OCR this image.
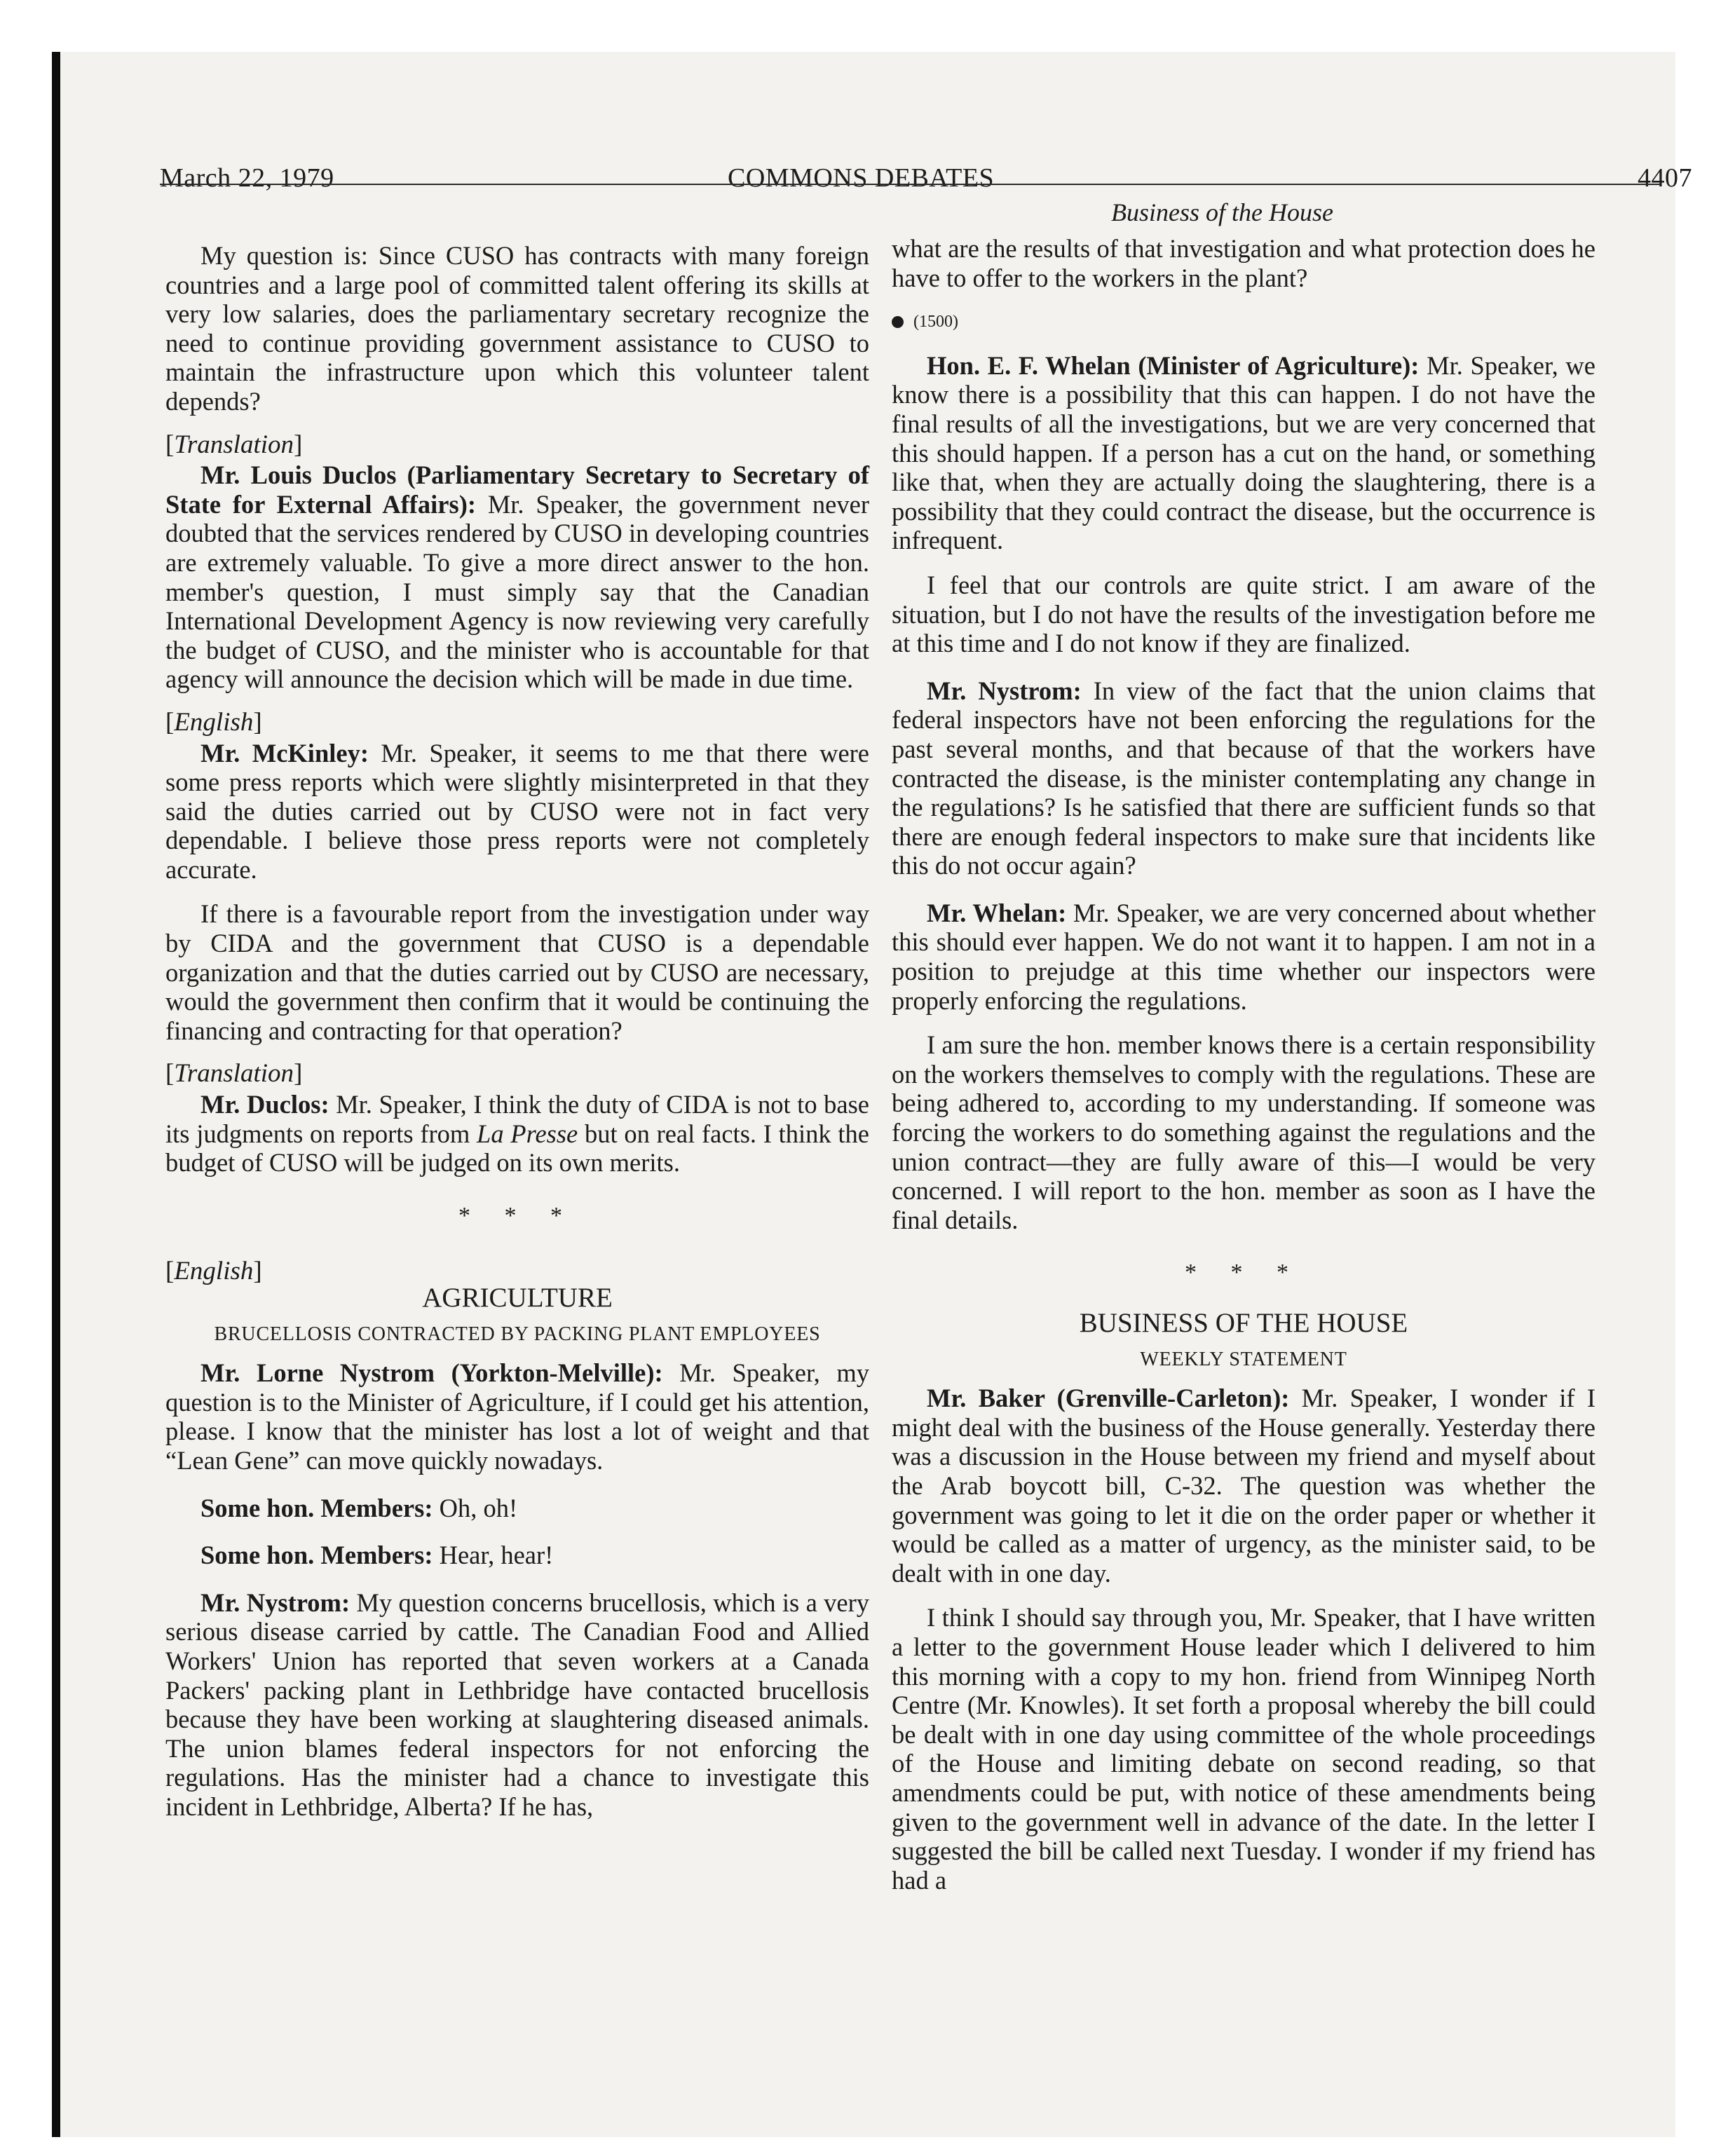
March 22, 1979	COMMONS DEBATES	4407
Business of the House

My question is: Since CUSO has contracts with many foreign countries and a large pool of committed talent offering its skills at very low salaries, does the parliamentary secretary recognize the need to continue providing government assistance to CUSO to maintain the infrastructure upon which this volunteer talent depends?

[Translation]

Mr. Louis Duclos (Parliamentary Secretary to Secretary of State for External Affairs): Mr. Speaker, the government never doubted that the services rendered by CUSO in developing countries are extremely valuable. To give a more direct answer to the hon. member's question, I must simply say that the Canadian International Development Agency is now reviewing very carefully the budget of CUSO, and the minister who is accountable for that agency will announce the decision which will be made in due time.

[English]

Mr. McKinley: Mr. Speaker, it seems to me that there were some press reports which were slightly misinterpreted in that they said the duties carried out by CUSO were not in fact very dependable. I believe those press reports were not completely accurate.

If there is a favourable report from the investigation under way by CIDA and the government that CUSO is a dependable organization and that the duties carried out by CUSO are necessary, would the government then confirm that it would be continuing the financing and contracting for that operation?

[Translation]

Mr. Duclos: Mr. Speaker, I think the duty of CIDA is not to base its judgments on reports from La Presse but on real facts. I think the budget of CUSO will be judged on its own merits.

* * *
[English]
AGRICULTURE
BRUCELLOSIS CONTRACTED BY PACKING PLANT EMPLOYEES

Mr. Lorne Nystrom (Yorkton-Melville): Mr. Speaker, my question is to the Minister of Agriculture, if I could get his attention, please. I know that the minister has lost a lot of weight and that “Lean Gene” can move quickly nowadays.

Some hon. Members: Oh, oh!

Some hon. Members: Hear, hear!

Mr. Nystrom: My question concerns brucellosis, which is a very serious disease carried by cattle. The Canadian Food and Allied Workers' Union has reported that seven workers at a Canada Packers' packing plant in Lethbridge have contacted brucellosis because they have been working at slaughtering diseased animals. The union blames federal inspectors for not enforcing the regulations. Has the minister had a chance to investigate this incident in Lethbridge, Alberta? If he has,

what are the results of that investigation and what protection does he have to offer to the workers in the plant?

(1500)

Hon. E. F. Whelan (Minister of Agriculture): Mr. Speaker, we know there is a possibility that this can happen. I do not have the final results of all the investigations, but we are very concerned that this should happen. If a person has a cut on the hand, or something like that, when they are actually doing the slaughtering, there is a possibility that they could contract the disease, but the occurrence is infrequent.

I feel that our controls are quite strict. I am aware of the situation, but I do not have the results of the investigation before me at this time and I do not know if they are finalized.

Mr. Nystrom: In view of the fact that the union claims that federal inspectors have not been enforcing the regulations for the past several months, and that because of that the workers have contracted the disease, is the minister contemplating any change in the regulations? Is he satisfied that there are sufficient funds so that there are enough federal inspectors to make sure that incidents like this do not occur again?

Mr. Whelan: Mr. Speaker, we are very concerned about whether this should ever happen. We do not want it to happen. I am not in a position to prejudge at this time whether our inspectors were properly enforcing the regulations.

I am sure the hon. member knows there is a certain responsibility on the workers themselves to comply with the regulations. These are being adhered to, according to my understanding. If someone was forcing the workers to do something against the regulations and the union contract—they are fully aware of this—I would be very concerned. I will report to the hon. member as soon as I have the final details.

* * *
BUSINESS OF THE HOUSE
WEEKLY STATEMENT

Mr. Baker (Grenville-Carleton): Mr. Speaker, I wonder if I might deal with the business of the House generally. Yesterday there was a discussion in the House between my friend and myself about the Arab boycott bill, C-32. The question was whether the government was going to let it die on the order paper or whether it would be called as a matter of urgency, as the minister said, to be dealt with in one day.

I think I should say through you, Mr. Speaker, that I have written a letter to the government House leader which I delivered to him this morning with a copy to my hon. friend from Winnipeg North Centre (Mr. Knowles). It set forth a proposal whereby the bill could be dealt with in one day using committee of the whole proceedings of the House and limiting debate on second reading, so that amendments could be put, with notice of these amendments being given to the government well in advance of the date. In the letter I suggested the bill be called next Tuesday. I wonder if my friend has had a
